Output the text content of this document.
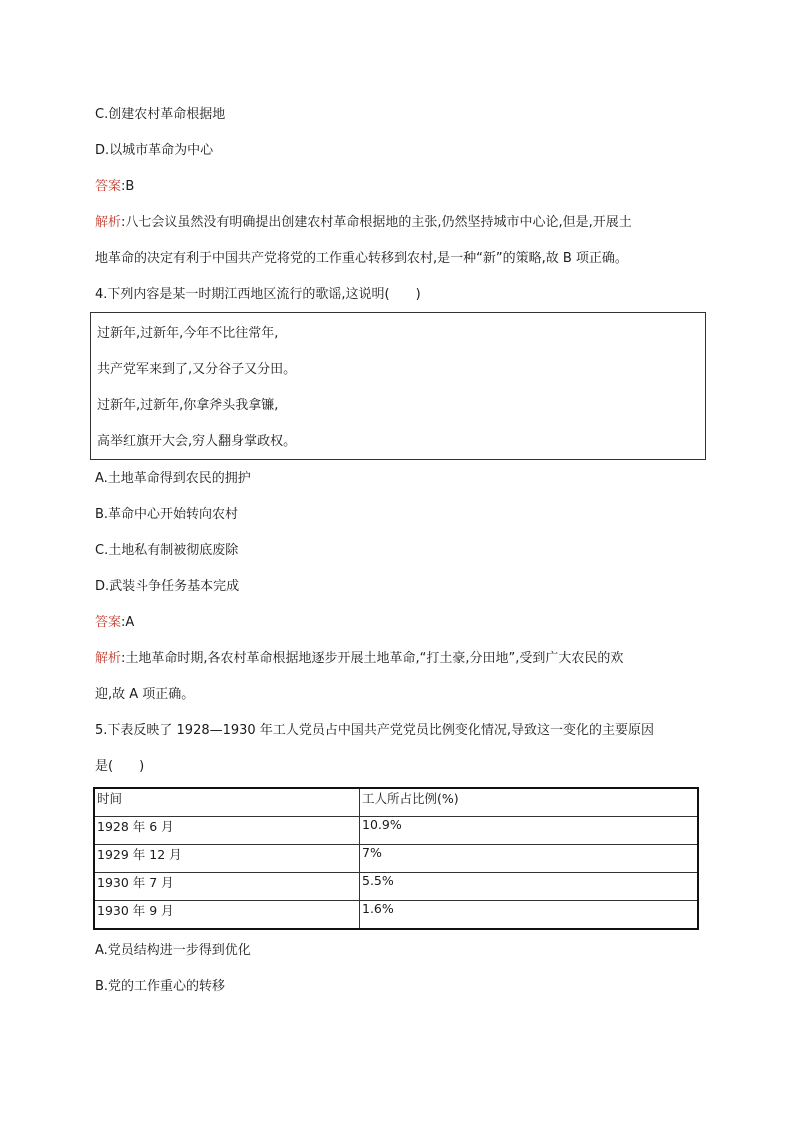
C.创建农村革命根据地
D.以城市革命为中心
答案:B
解析:八七会议虽然没有明确提出创建农村革命根据地的主张,仍然坚持城市中心论,但是,开展土
地革命的决定有利于中国共产党将党的工作重心转移到农村,是一种“新”的策略,故 B 项正确。
4.下列内容是某一时期江西地区流行的歌谣,这说明(　　)
过新年,过新年,今年不比往常年,
共产党军来到了,又分谷子又分田。
过新年,过新年,你拿斧头我拿镰,
高举红旗开大会,穷人翻身掌政权。
A.土地革命得到农民的拥护
B.革命中心开始转向农村
C.土地私有制被彻底废除
D.武装斗争任务基本完成
答案:A
解析:土地革命时期,各农村革命根据地逐步开展土地革命,“打土豪,分田地”,受到广大农民的欢
迎,故 A 项正确。
5.下表反映了 1928—1930 年工人党员占中国共产党党员比例变化情况,导致这一变化的主要原因
是(　　)
时间	工人所占比例(%)
1928 年 6 月	10.9%
1929 年 12 月	7%
1930 年 7 月	5.5%
1930 年 9 月	1.6%
A.党员结构进一步得到优化
B.党的工作重心的转移
